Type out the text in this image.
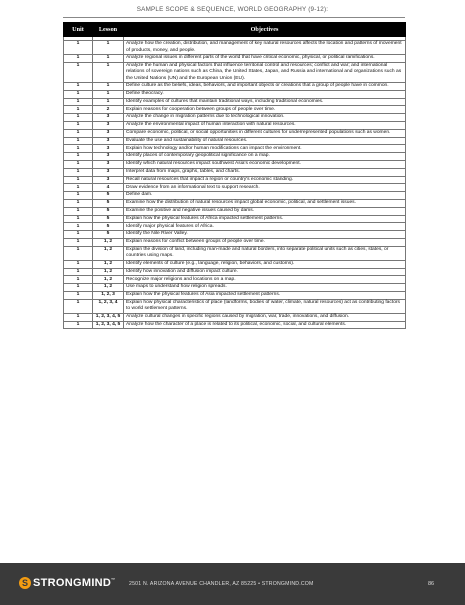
SAMPLE SCOPE & SEQUENCE, WORLD GEOGRAPHY (9-12):
Unit	Lesson	Objectives

1	1	Analyze how the creation, distribution, and management of key natural resources affects the location and patterns of movement of products, money, and people.
1	1	Analyze regional issues in different parts of the world that have critical economic, physical, or political ramifications.
1	1	Analyze the human and physical factors that influence territorial control and resources; conflict and war; and international relations of sovereign nations such as China, the United States, Japan, and Russia and international and organizations such as the United Nations (UN) and the European Union (EU).
1	1	Define culture as the beliefs, ideas, behaviors, and important objects or creations that a group of people have in common.
1	1	Define theocracy.
1	1	Identify examples of cultures that maintain traditional ways, including traditional economies.
1	2	Explain reasons for cooperation between groups of people over time.
1	3	Analyze the change in migration patterns due to technological innovation.
1	3	Analyze the environmental impact of human interaction with natural resources.
1	3	Compare economic, political, or social opportunities in different cultures for underrepresented populations such as women.
1	3	Evaluate the use and sustainability of natural resources.
1	3	Explain how technology and/or human modifications can impact the environment.
1	3	Identify places of contemporary geopolitical significance on a map.
1	3	Identify which natural resources impact southwest Asia's economic development.
1	3	Interpret data from maps, graphs, tables, and charts.
1	3	Recall natural resources that impact a region or country's economic standing.
1	4	Draw evidence from an informational text to support research.
1	5	Define dam.
1	5	Examine how the distribution of natural resources impact global economic, political, and settlement issues.
1	5	Examine the positive and negative issues caused by dams.
1	5	Explain how the physical features of Africa impacted settlement patterns.
1	5	Identify major physical features of Africa.
1	5	Identify the Nile River Valley.
1	1, 2	Explain reasons for conflict between groups of people over time.
1	1, 2	Explain the division of land, including man-made and natural borders, into separate political units such as cities, states, or countries using maps.
1	1, 2	Identify elements of culture (e.g., language, religion, behaviors, and customs).
1	1, 2	Identify how innovation and diffusion impact culture.
1	1, 2	Recognize major religions and locations on a map.
1	1, 2	Use maps to understand how religion spreads.
1	1, 2, 3	Explain how the physical features of Asia impacted settlement patterns.
1	1, 2, 3, 4	Explain how physical characteristics of place (landforms, bodies of water, climate, natural resources) act as contributing factors to world settlement patterns.
1	1, 2, 3, 4, 5	Analyze cultural changes in specific regions caused by migration, war, trade, innovations, and diffusion.
1	1, 2, 3, 4, 5	Analyze how the character of a place is related to its political, economic, social, and cultural elements.
S STRONGMIND™
2501 N. ARIZONA AVENUE CHANDLER, AZ 85225 • STRONGMIND.COM	86
